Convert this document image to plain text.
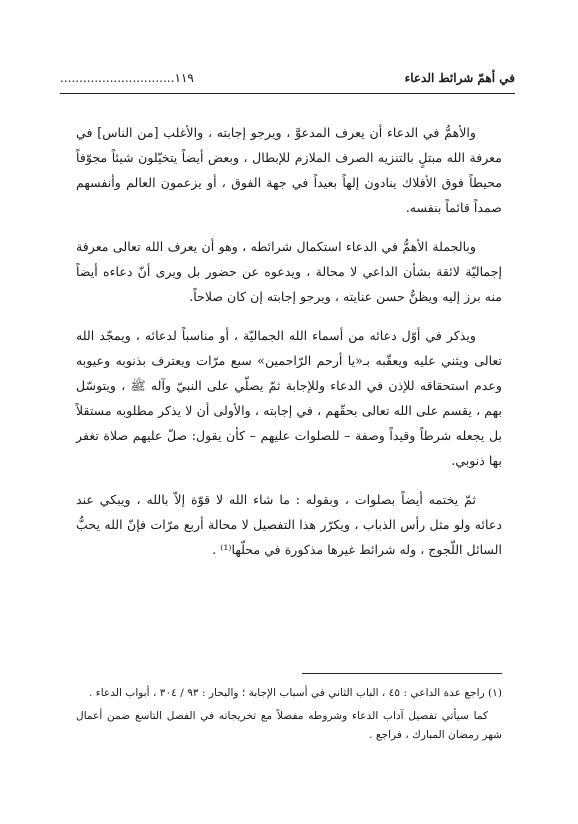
في أهمّ شرائط الدعاء
..............................١١٩

والأهمُّ في الدعاء أن يعرف المدعوَّ ، ويرجو إجابته ، والأغلب [من الناس] في معرفة الله مبتلٍ بالتنزيه الصرف الملازم للإبطال ، وبعض أيضاً يتخيّلون شيئاً مجوّفاً محيطاً فوق الأفلاك ينادون إلهاً بعيداً في جهة الفوق ، أو يزعمون العالم وأنفسهم صمداً قائماً بنفسه.

وبالجملة الأهمُّ في الدعاء استكمال شرائطه ، وهو أن يعرف الله تعالى معرفة إجماليّة لائقة بشأن الداعي لا محالة ، ويدعوه عن حضور بل ويرى أنّ دعاءه أيضاً منه برز إليه ويظنُّ حسن عنايته ، ويرجو إجابته إن كان صلاحاً.

ويذكر في أوّل دعائه من أسماء الله الجماليّة ، أو مناسباً لدعائه ، ويمجّد الله تعالى ويثني عليه ويعقّبه بـ«يا أرحم الرّاحمين» سبع مرّات ويعترف بذنوبه وعيوبه وعدم استحقاقه للإذن في الدعاء وللإجابة ثمّ يصلّي على النبيّ وآله ﷺ ، ويتوسّل بهم ، يقسم على الله تعالى بحقّهم ، في إجابته ، والأولى أن لا يذكر مطلوبه مستقلاً بل يجعله شرطاً وقيداً وصفة – للصلوات عليهم – كأن يقول: صلّ عليهم صلاة تغفر بها ذنوبي.

ثمّ يختمه أيضاً بصلوات ، وبقوله : ما شاء الله لا قوّة إلاّ بالله ، ويبكي عند دعائه ولو مثل رأس الذباب ، ويكرّر هذا التفصيل لا محالة أربع مرّات فإنّ الله يحبُّ السائل اللّجوج ، وله شرائط غيرها مذكورة في محلّها⁽¹⁾ .

(١) راجع عدة الداعي : ٤٥ ، الباب الثاني في أسباب الإجابة ؛ والبحار : ٩٣ / ٣٠٤ ، أبواب الدعاء .

كما سيأتي تفصيل آداب الدعاء وشروطه مفصلاً مع تخريجاته في الفصل التاسع ضمن أعمال شهر رمضان المبارك ، فراجع .
